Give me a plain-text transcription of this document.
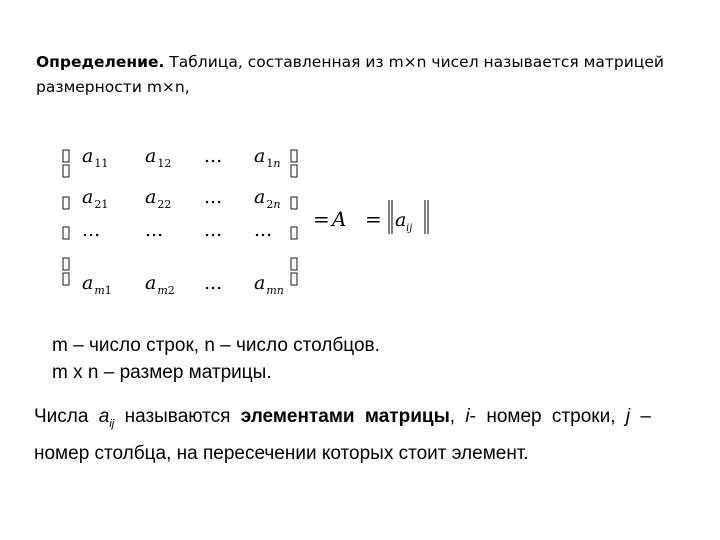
Определение. Таблица, составленная из m×n чисел называется матрицей размерности m×n,
$a_{11}$ $a_{12}$ ... $a_{1n}$
$a_{21}$ $a_{22}$ ... $a_{2n}$
... ... ... ...
$a_{m1}$ $a_{m2}$ ... $a_{mn}$
= A = a ij
m – число строк, n – число столбцов.
m x n – размер матрицы.
Числа $a_{ij}$ называются элементами матрицы, i- номер строки, j – номер столбца, на пересечении которых стоит элемент.
